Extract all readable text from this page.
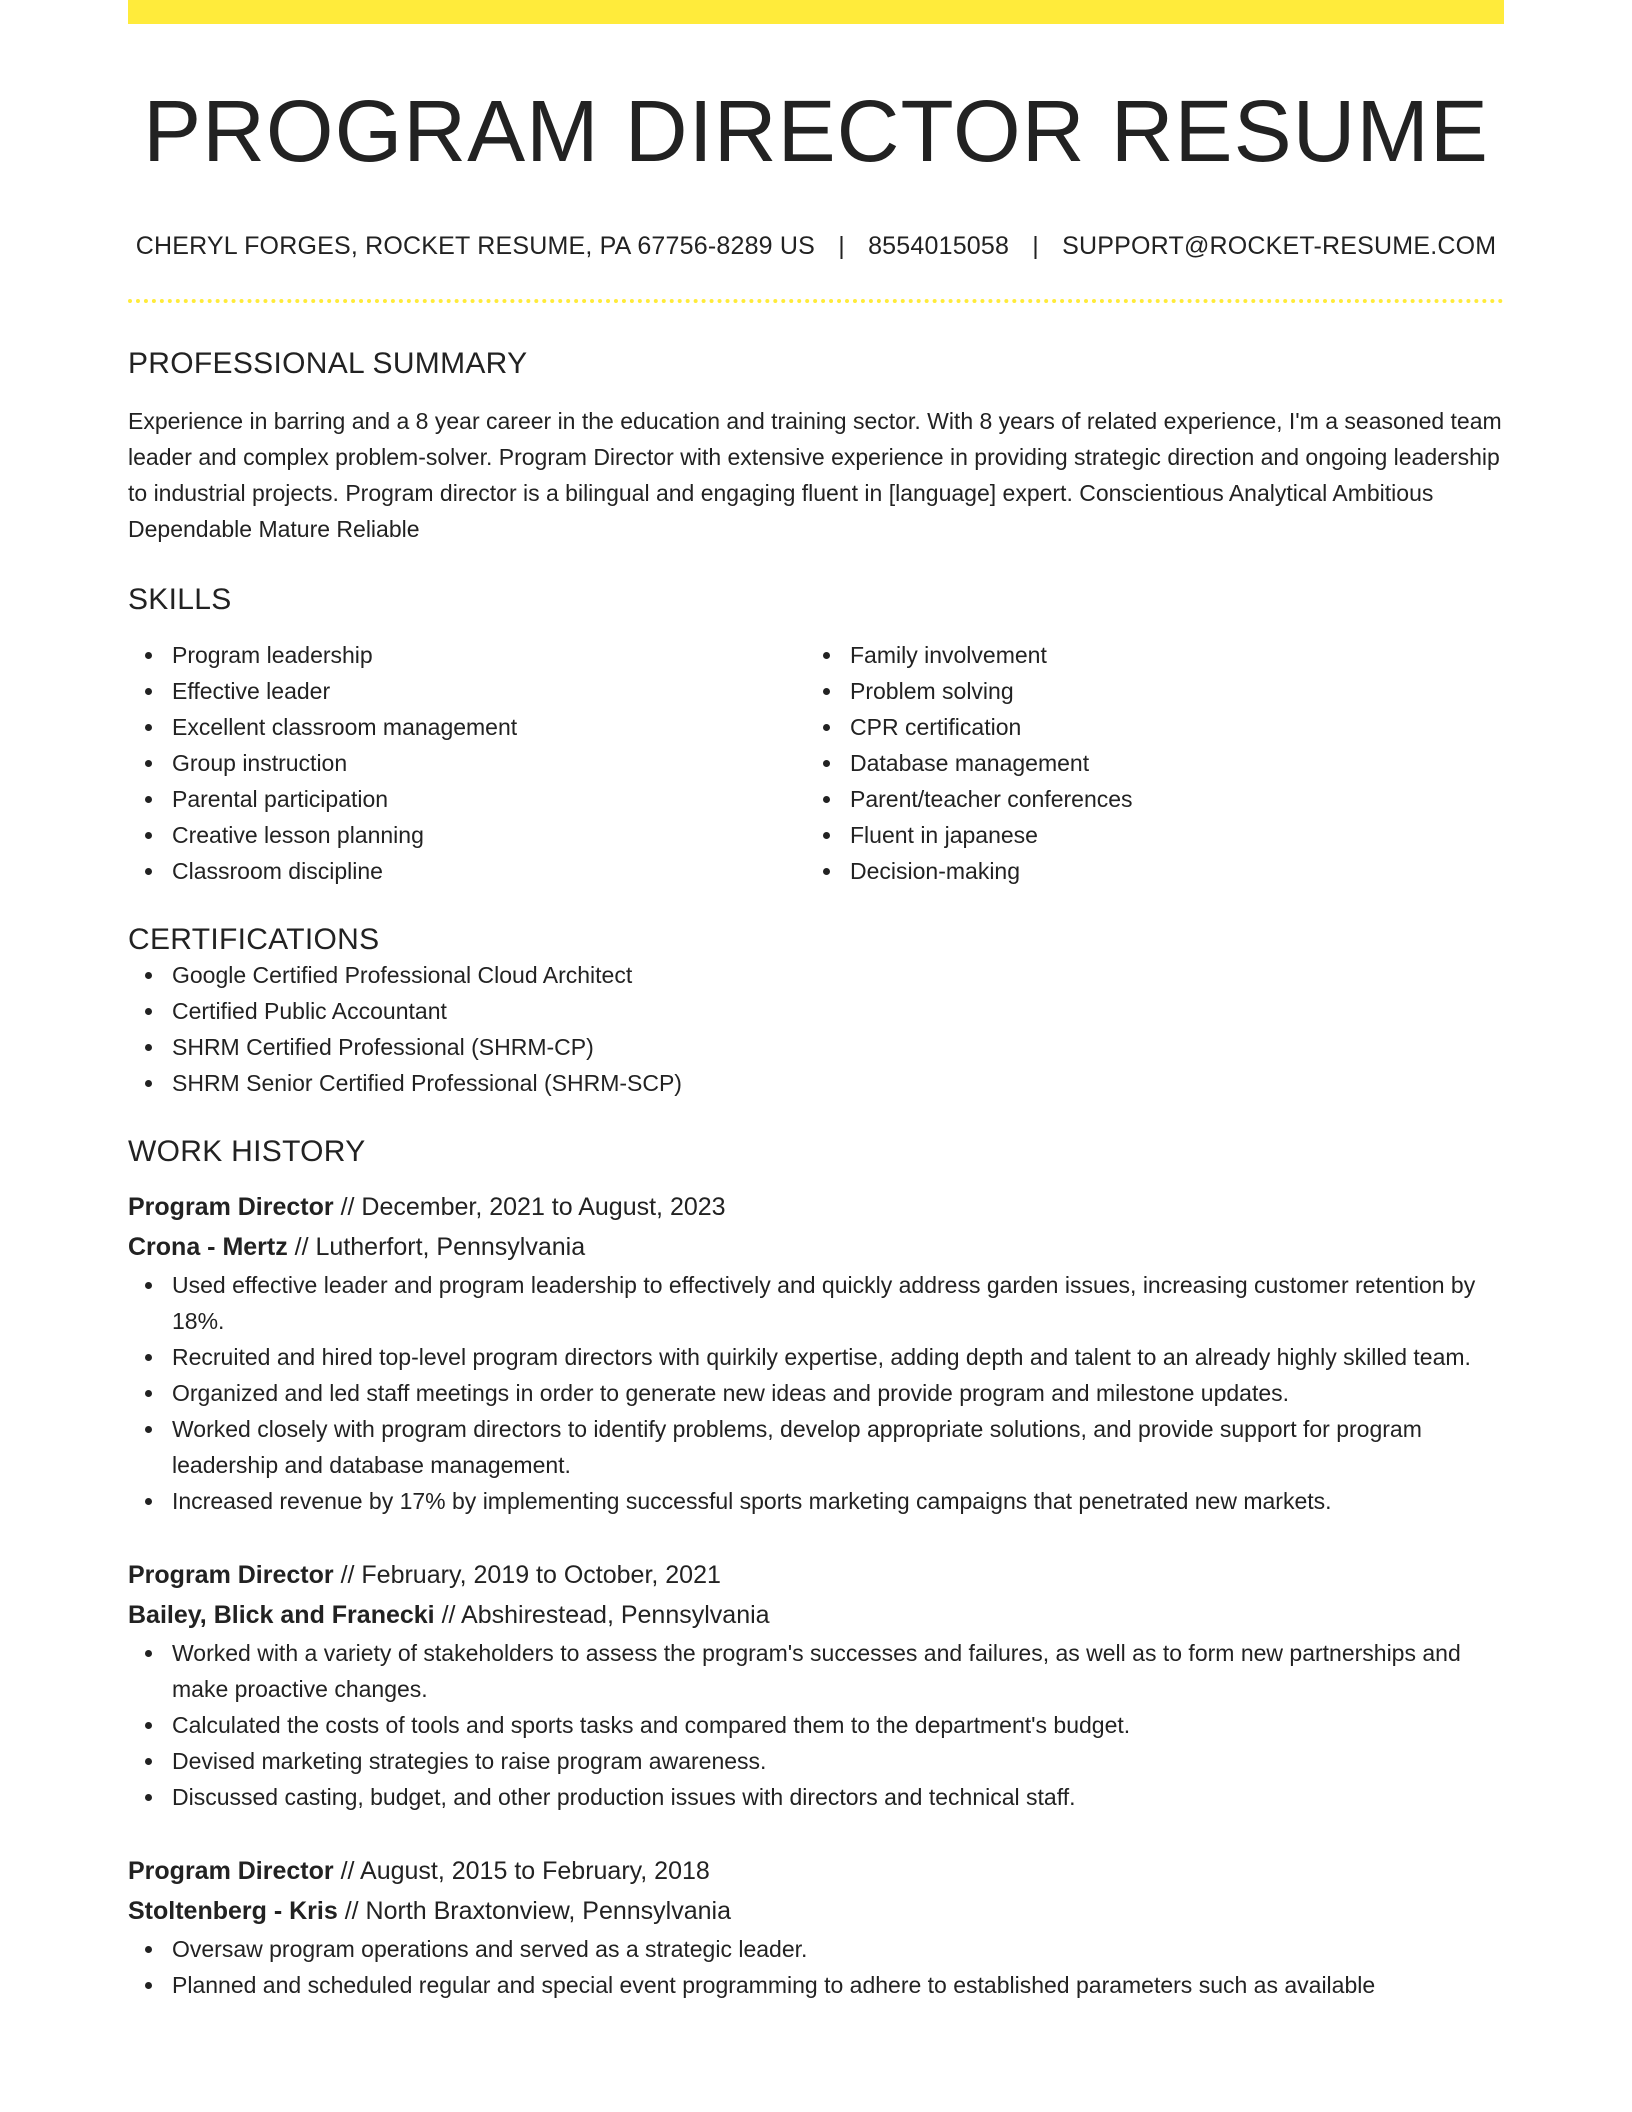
PROGRAM DIRECTOR RESUME
CHERYL FORGES, ROCKET RESUME, PA 67756-8289 US | 8554015058 | SUPPORT@ROCKET-RESUME.COM
PROFESSIONAL SUMMARY
Experience in barring and a 8 year career in the education and training sector. With 8 years of related experience, I'm a seasoned team leader and complex problem-solver. Program Director with extensive experience in providing strategic direction and ongoing leadership to industrial projects. Program director is a bilingual and engaging fluent in [language] expert. Conscientious Analytical Ambitious Dependable Mature Reliable
SKILLS
Program leadership
Effective leader
Excellent classroom management
Group instruction
Parental participation
Creative lesson planning
Classroom discipline
Family involvement
Problem solving
CPR certification
Database management
Parent/teacher conferences
Fluent in japanese
Decision-making
CERTIFICATIONS
Google Certified Professional Cloud Architect
Certified Public Accountant
SHRM Certified Professional (SHRM-CP)
SHRM Senior Certified Professional (SHRM-SCP)
WORK HISTORY
Program Director // December, 2021 to August, 2023
Crona - Mertz // Lutherfort, Pennsylvania
Used effective leader and program leadership to effectively and quickly address garden issues, increasing customer retention by 18%.
Recruited and hired top-level program directors with quirkily expertise, adding depth and talent to an already highly skilled team.
Organized and led staff meetings in order to generate new ideas and provide program and milestone updates.
Worked closely with program directors to identify problems, develop appropriate solutions, and provide support for program leadership and database management.
Increased revenue by 17% by implementing successful sports marketing campaigns that penetrated new markets.
Program Director // February, 2019 to October, 2021
Bailey, Blick and Franecki // Abshirestead, Pennsylvania
Worked with a variety of stakeholders to assess the program's successes and failures, as well as to form new partnerships and make proactive changes.
Calculated the costs of tools and sports tasks and compared them to the department's budget.
Devised marketing strategies to raise program awareness.
Discussed casting, budget, and other production issues with directors and technical staff.
Program Director // August, 2015 to February, 2018
Stoltenberg - Kris // North Braxtonview, Pennsylvania
Oversaw program operations and served as a strategic leader.
Planned and scheduled regular and special event programming to adhere to established parameters such as available
